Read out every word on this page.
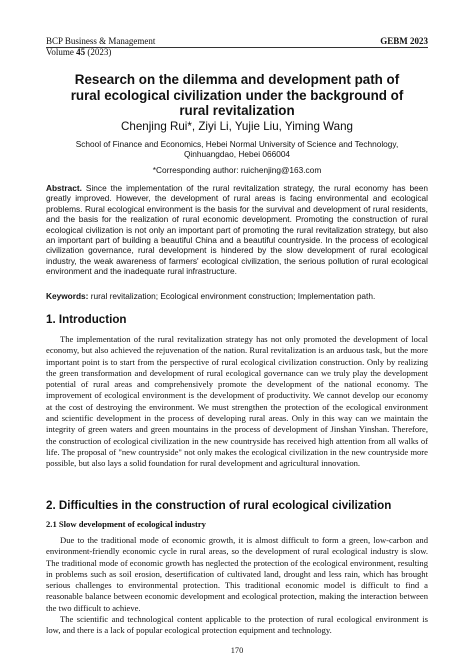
BCP Business & Management	GEBM 2023
Volume 45 (2023)
Research on the dilemma and development path of rural ecological civilization under the background of rural revitalization
Chenjing Rui*, Ziyi Li, Yujie Liu, Yiming Wang
School of Finance and Economics, Hebei Normal University of Science and Technology, Qinhuangdao, Hebei 066004
*Corresponding author: ruichenjing@163.com
Abstract. Since the implementation of the rural revitalization strategy, the rural economy has been greatly improved. However, the development of rural areas is facing environmental and ecological problems. Rural ecological environment is the basis for the survival and development of rural residents, and the basis for the realization of rural economic development. Promoting the construction of rural ecological civilization is not only an important part of promoting the rural revitalization strategy, but also an important part of building a beautiful China and a beautiful countryside. In the process of ecological civilization governance, rural development is hindered by the slow development of rural ecological industry, the weak awareness of farmers' ecological civilization, the serious pollution of rural ecological environment and the inadequate rural infrastructure.
Keywords: rural revitalization; Ecological environment construction; Implementation path.
1. Introduction

The implementation of the rural revitalization strategy has not only promoted the development of local economy, but also achieved the rejuvenation of the nation. Rural revitalization is an arduous task, but the more important point is to start from the perspective of rural ecological civilization construction. Only by realizing the green transformation and development of rural ecological governance can we truly play the development potential of rural areas and comprehensively promote the development of the national economy. The improvement of ecological environment is the development of productivity. We cannot develop our economy at the cost of destroying the environment. We must strengthen the protection of the ecological environment and scientific development in the process of developing rural areas. Only in this way can we maintain the integrity of green waters and green mountains in the process of development of Jinshan Yinshan. Therefore, the construction of ecological civilization in the new countryside has received high attention from all walks of life. The proposal of "new countryside" not only makes the ecological civilization in the new countryside more possible, but also lays a solid foundation for rural development and agricultural innovation.

2. Difficulties in the construction of rural ecological civilization
2.1 Slow development of ecological industry

Due to the traditional mode of economic growth, it is almost difficult to form a green, low-carbon and environment-friendly economic cycle in rural areas, so the development of rural ecological industry is slow. The traditional mode of economic growth has neglected the protection of the ecological environment, resulting in problems such as soil erosion, desertification of cultivated land, drought and less rain, which has brought serious challenges to environmental protection. This traditional economic model is difficult to find a reasonable balance between economic development and ecological protection, making the interaction between the two difficult to achieve.

The scientific and technological content applicable to the protection of rural ecological environment is low, and there is a lack of popular ecological protection equipment and technology.

170
